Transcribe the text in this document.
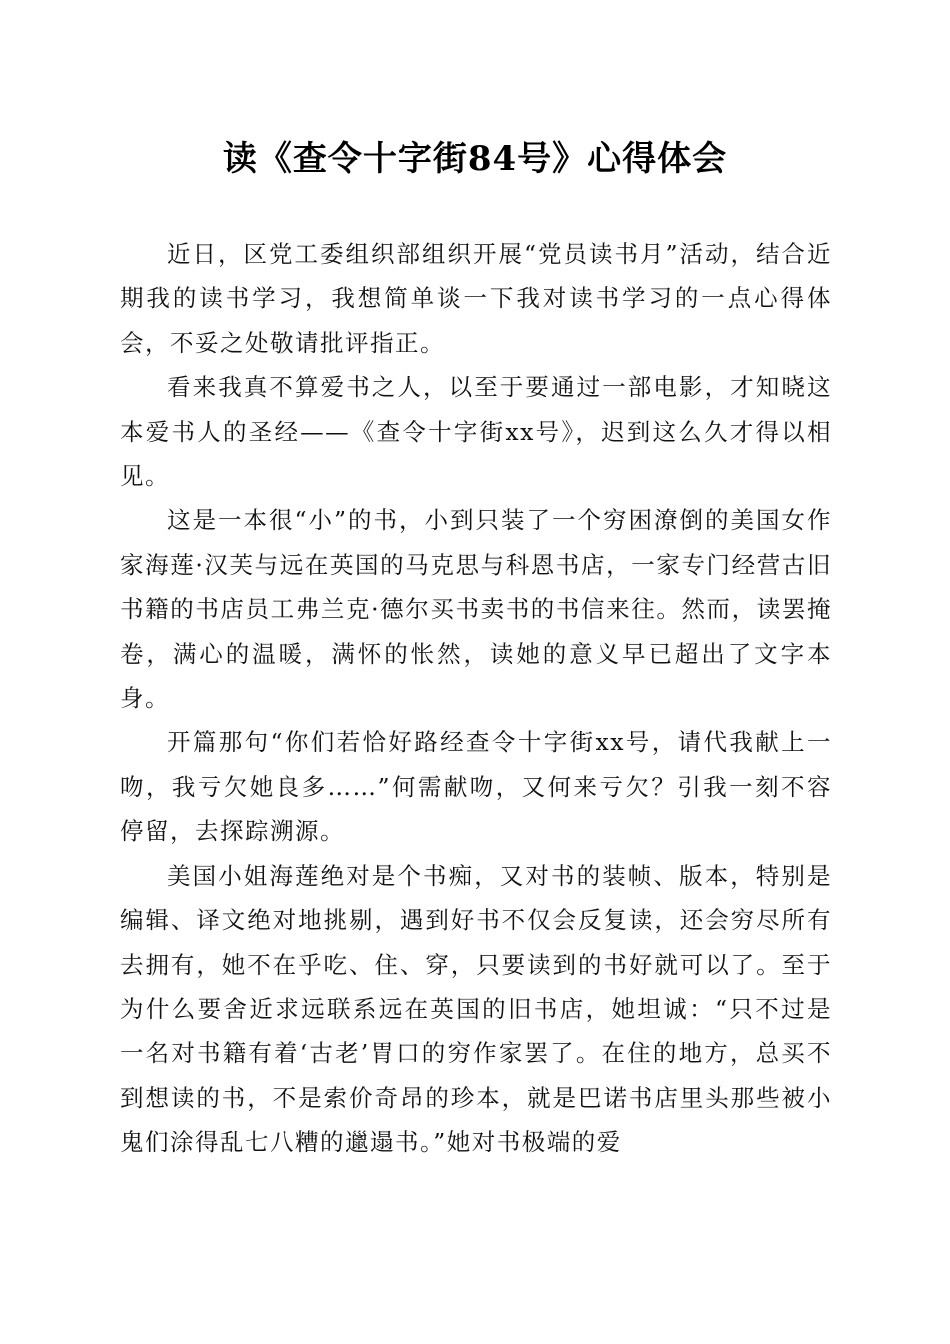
读《查令十字街84号》心得体会

近日，区党工委组织部组织开展“党员读书月”活动，结合近期我的读书学习，我想简单谈一下我对读书学习的一点心得体会，不妥之处敬请批评指正。

看来我真不算爱书之人，以至于要通过一部电影，才知晓这本爱书人的圣经——《查令十字街xx号》，迟到这么久才得以相见。

这是一本很“小”的书，小到只装了一个穷困潦倒的美国女作家海莲·汉芙与远在英国的马克思与科恩书店，一家专门经营古旧书籍的书店员工弗兰克·德尔买书卖书的书信来往。然而，读罢掩卷，满心的温暖，满怀的怅然，读她的意义早已超出了文字本身。

开篇那句“你们若恰好路经查令十字街xx号，请代我献上一吻，我亏欠她良多……”何需献吻，又何来亏欠？引我一刻不容停留，去探踪溯源。

美国小姐海莲绝对是个书痴，又对书的装帧、版本，特别是编辑、译文绝对地挑剔，遇到好书不仅会反复读，还会穷尽所有去拥有，她不在乎吃、住、穿，只要读到的书好就可以了。至于为什么要舍近求远联系远在英国的旧书店，她坦诚：“只不过是一名对书籍有着‘古老’胃口的穷作家罢了。在住的地方，总买不到想读的书，不是索价奇昂的珍本，就是巴诺书店里头那些被小鬼们涂得乱七八糟的邋遢书。”她对书极端的爱
